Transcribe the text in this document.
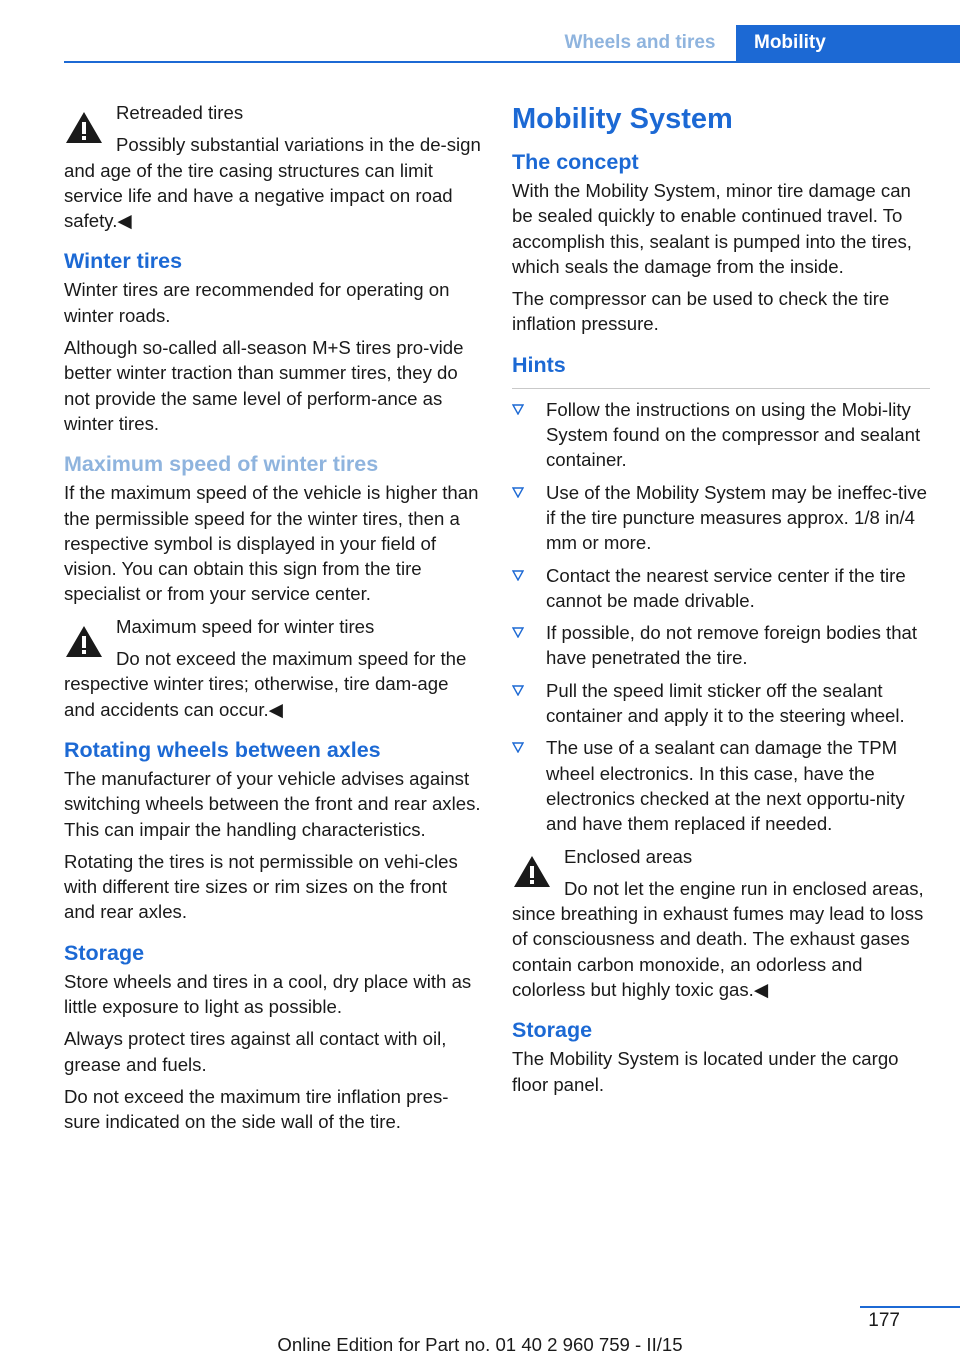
Wheels and tires	Mobility
Retreaded tires

Possibly substantial variations in the de‐sign and age of the tire casing structures can limit service life and have a negative impact on road safety.◀

Winter tires

Winter tires are recommended for operating on winter roads.

Although so-called all-season M+S tires pro‐vide better winter traction than summer tires, they do not provide the same level of perform‐ance as winter tires.

Maximum speed of winter tires

If the maximum speed of the vehicle is higher than the permissible speed for the winter tires, then a respective symbol is displayed in your field of vision. You can obtain this sign from the tire specialist or from your service center.

Maximum speed for winter tires

Do not exceed the maximum speed for the respective winter tires; otherwise, tire dam‐age and accidents can occur.◀

Rotating wheels between axles

The manufacturer of your vehicle advises against switching wheels between the front and rear axles. This can impair the handling characteristics.

Rotating the tires is not permissible on vehi‐cles with different tire sizes or rim sizes on the front and rear axles.

Storage

Store wheels and tires in a cool, dry place with as little exposure to light as possible.

Always protect tires against all contact with oil, grease and fuels.

Do not exceed the maximum tire inflation pres‐sure indicated on the side wall of the tire.

Mobility System
The concept

With the Mobility System, minor tire damage can be sealed quickly to enable continued travel. To accomplish this, sealant is pumped into the tires, which seals the damage from the inside.

The compressor can be used to check the tire inflation pressure.

Hints
Follow the instructions on using the Mobi‐lity System found on the compressor and sealant container.
Use of the Mobility System may be ineffec‐tive if the tire puncture measures approx. 1/8 in/4 mm or more.
Contact the nearest service center if the tire cannot be made drivable.
If possible, do not remove foreign bodies that have penetrated the tire.
Pull the speed limit sticker off the sealant container and apply it to the steering wheel.
The use of a sealant can damage the TPM wheel electronics. In this case, have the electronics checked at the next opportu‐nity and have them replaced if needed.
Enclosed areas

Do not let the engine run in enclosed areas, since breathing in exhaust fumes may lead to loss of consciousness and death. The exhaust gases contain carbon monoxide, an odorless and colorless but highly toxic gas.◀

Storage

The Mobility System is located under the cargo floor panel.

177
Online Edition for Part no. 01 40 2 960 759 - II/15
